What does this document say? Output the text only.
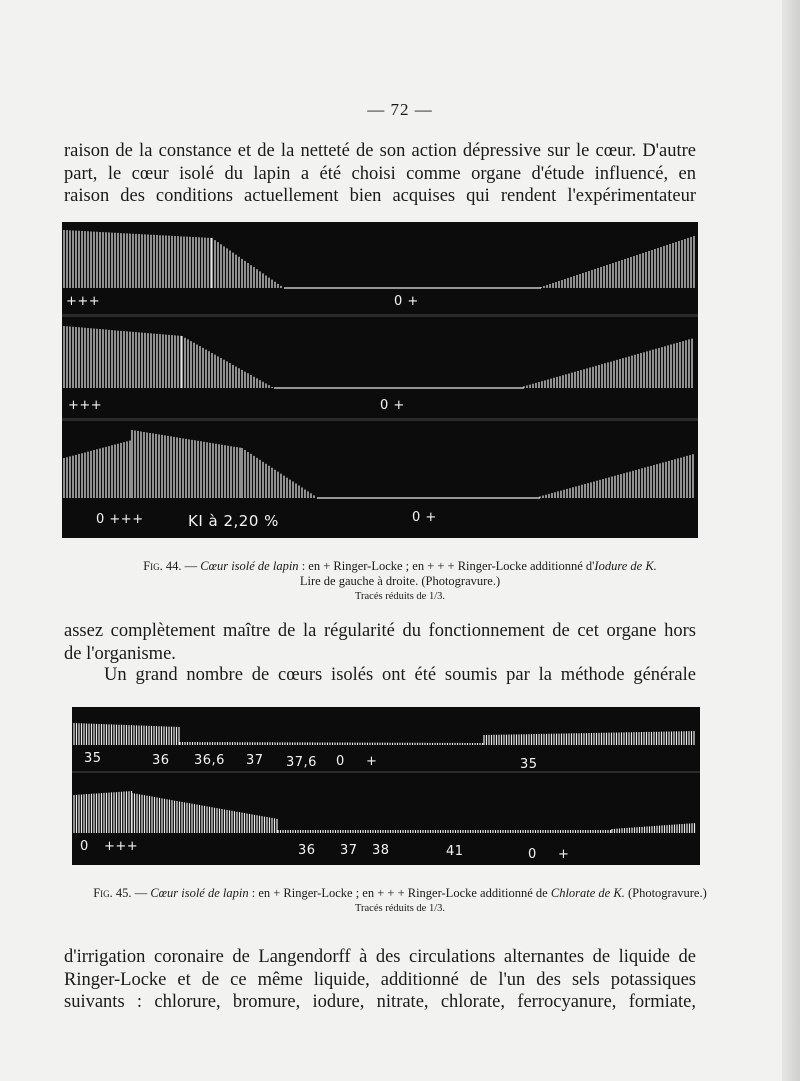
— 72 —
raison de la constance et de la netteté de son action dépressive sur le cœur. D'autre
part, le cœur isolé du lapin a été choisi comme organe d'étude influencé, en
raison des conditions actuellement bien acquises qui rendent l'expérimentateur
+++	0 +
+++	0 +
0 +++	KI à 2,20 %	0 +
Fig. 44. — Cœur isolé de lapin : en + Ringer-Locke ; en + + + Ringer-Locke additionné d'Iodure de K.
Lire de gauche à droite. (Photogravure.)
Tracés réduits de 1/3.
assez complètement maître de la régularité du fonctionnement de cet organe hors
de l'organisme.
Un grand nombre de cœurs isolés ont été soumis par la méthode générale
35	36 36,6 37 37,6 0 +	35
0 +++	36 37 38	41	0 +
Fig. 45. — Cœur isolé de lapin : en + Ringer-Locke ; en + + + Ringer-Locke additionné de Chlorate de K. (Photogravure.)
Tracés réduits de 1/3.
d'irrigation coronaire de Langendorff à des circulations alternantes de liquide de
Ringer-Locke et de ce même liquide, additionné de l'un des sels potassiques
suivants : chlorure, bromure, iodure, nitrate, chlorate, ferrocyanure, formiate,
